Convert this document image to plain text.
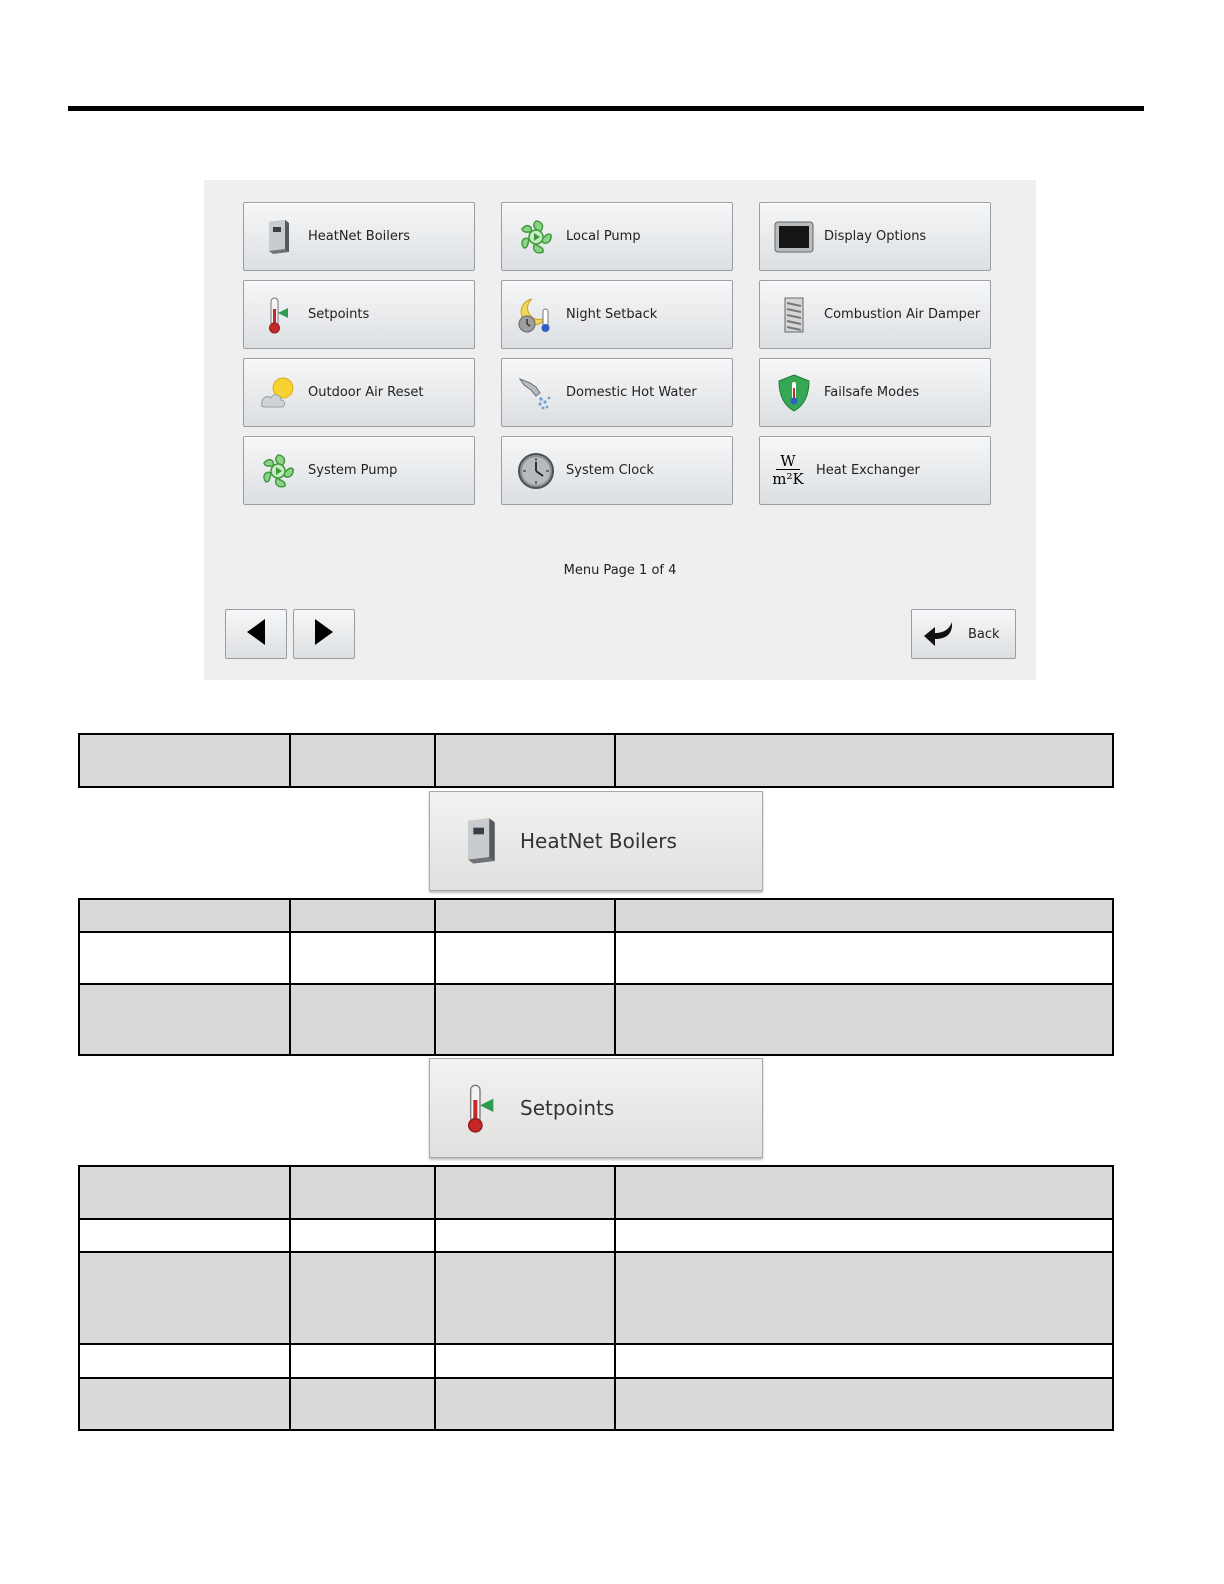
HeatNet Boilers	Local Pump	Display Options
Setpoints	Night Setback	Combustion Air Damper
Outdoor Air Reset	Domestic Hot Water	Failsafe Modes
System Pump	System Clock	$\frac{W}{\text{m²K}}$ Heat Exchanger
Menu Page 1 of 4
Back

HeatNet Boilers

Setpoints
